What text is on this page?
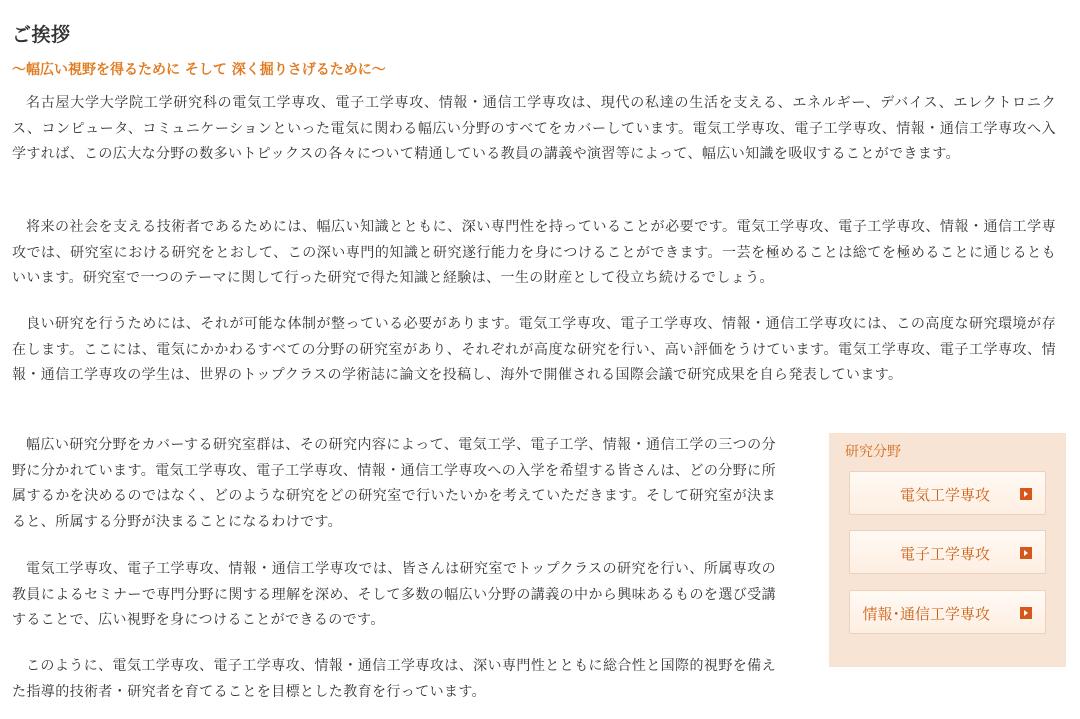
ご挨拶
〜幅広い視野を得るために そして 深く掘りさげるために〜

名古屋大学大学院工学研究科の電気工学専攻、電子工学専攻、情報・通信工学専攻は、現代の私達の生活を支える、エネルギー、デバイス、エレクトロニクス、コンピュータ、コミュニケーションといった電気に関わる幅広い分野のすべてをカバーしています。電気工学専攻、電子工学専攻、情報・通信工学専攻へ入学すれば、この広大な分野の数多いトピックスの各々について精通している教員の講義や演習等によって、幅広い知識を吸収することができます。

将来の社会を支える技術者であるためには、幅広い知識とともに、深い専門性を持っていることが必要です。電気工学専攻、電子工学専攻、情報・通信工学専攻では、研究室における研究をとおして、この深い専門的知識と研究遂行能力を身につけることができます。一芸を極めることは総てを極めることに通じるともいいます。研究室で一つのテーマに関して行った研究で得た知識と経験は、一生の財産として役立ち続けるでしょう。

良い研究を行うためには、それが可能な体制が整っている必要があります。電気工学専攻、電子工学専攻、情報・通信工学専攻には、この高度な研究環境が存在します。ここには、電気にかかわるすべての分野の研究室があり、それぞれが高度な研究を行い、高い評価をうけています。電気工学専攻、電子工学専攻、情報・通信工学専攻の学生は、世界のトップクラスの学術誌に論文を投稿し、海外で開催される国際会議で研究成果を自ら発表しています。

幅広い研究分野をカバーする研究室群は、その研究内容によって、電気工学、電子工学、情報・通信工学の三つの分野に分かれています。電気工学専攻、電子工学専攻、情報・通信工学専攻への入学を希望する皆さんは、どの分野に所属するかを決めるのではなく、どのような研究をどの研究室で行いたいかを考えていただきます。そして研究室が決まると、所属する分野が決まることになるわけです。

電気工学専攻、電子工学専攻、情報・通信工学専攻では、皆さんは研究室でトップクラスの研究を行い、所属専攻の教員によるセミナーで専門分野に関する理解を深め、そして多数の幅広い分野の講義の中から興味あるものを選び受講することで、広い視野を身につけることができるのです。

このように、電気工学専攻、電子工学専攻、情報・通信工学専攻は、深い専門性とともに総合性と国際的視野を備えた指導的技術者・研究者を育てることを目標とした教育を行っています。

研究分野
電気工学専攻
電子工学専攻
情報･通信工学専攻
